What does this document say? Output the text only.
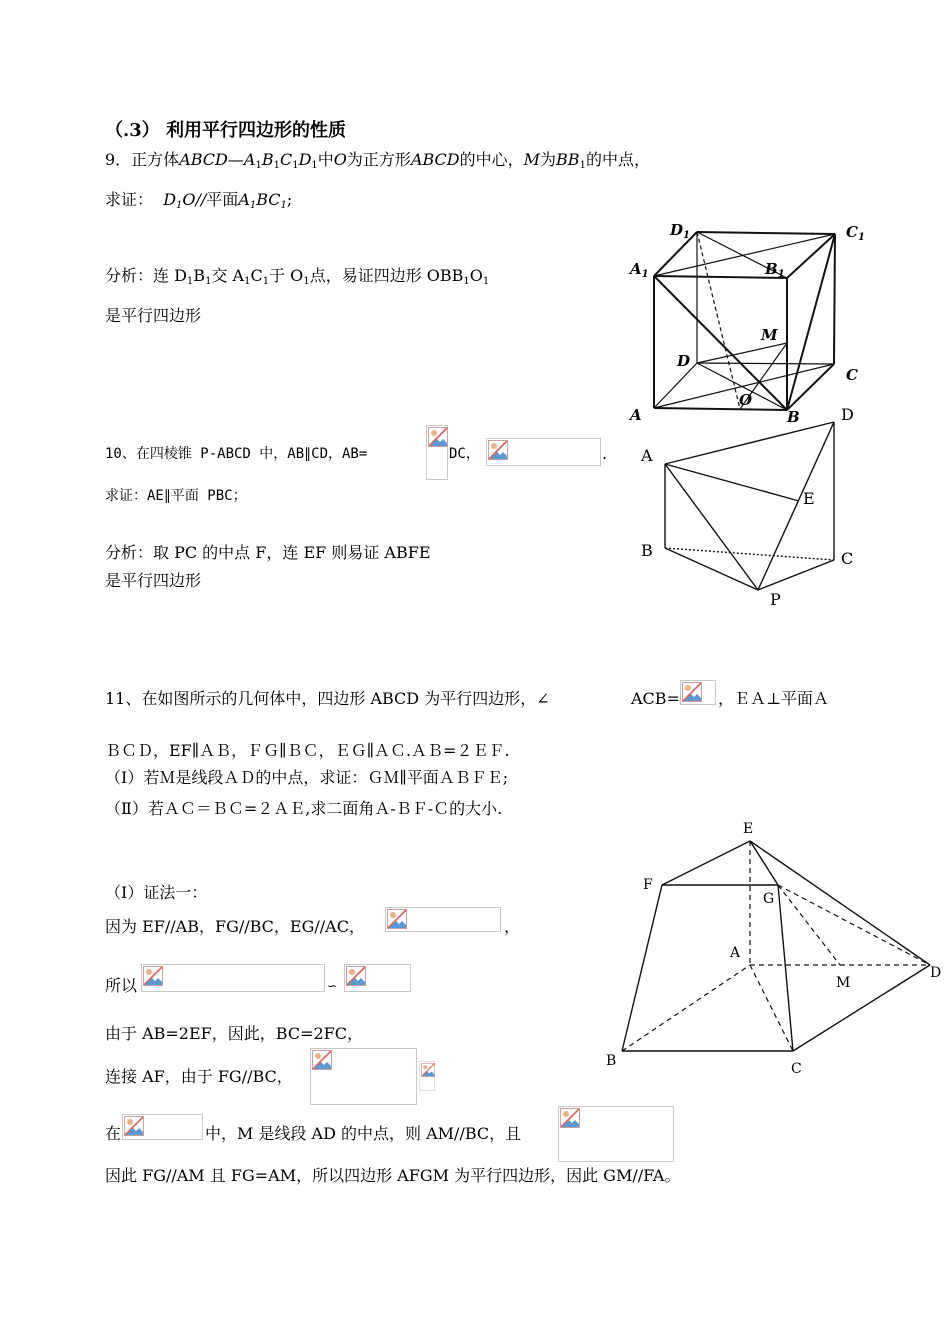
（.3） 利用平行四边形的性质
9．正方体$ABCD—A_1B_1C_1D_1$中O为正方形ABCD的中心，M为$BB_1$的中点，
求证： $D_1O//$平面$A_1BC_1$;
分析：连 $D_1B_1$交 $A_1C_1$于 $O_1$点，易证四边形 $OBB_1O_1$
是平行四边形
$D_1$	$C_1$
$A_1$	$B_1$
M
D
C
A
O
B
10、在四棱锥 P-ABCD 中，AB∥CD，AB=	DC，	.
求证：AE∥平面 PBC；
分析：取 PC 的中点 F，连 EF 则易证 ABFE
是平行四边形
D
A
E
B	C
P
11、在如图所示的几何体中，四边形 ABCD 为平行四边形，∠	ACB= ，ＥＡ⊥平面Ａ
ＢＣＤ，EF∥ＡＢ，ＦＧ∥ＢＣ，ＥＧ∥ＡＣ.ＡＢ=２ＥＦ.
（Ⅰ）若Ｍ是线段ＡＤ的中点，求证：ＧＭ∥平面ＡＢＦＥ;
（Ⅱ）若ＡＣ＝ＢＣ=２ＡＥ,求二面角Ａ-ＢＦ-Ｃ的大小.
E
F
G
A
M
D
B	C
（Ⅰ）证法一：
因为 EF//AB，FG//BC，EG//AC，	，
所以	∽
由于 AB=2EF，因此，BC=2FC，
连接 AF，由于 FG//BC，
在	中，M 是线段 AD 的中点，则 AM//BC，且
因此 FG//AM 且 FG=AM，所以四边形 AFGM 为平行四边形，因此 GM//FA。
